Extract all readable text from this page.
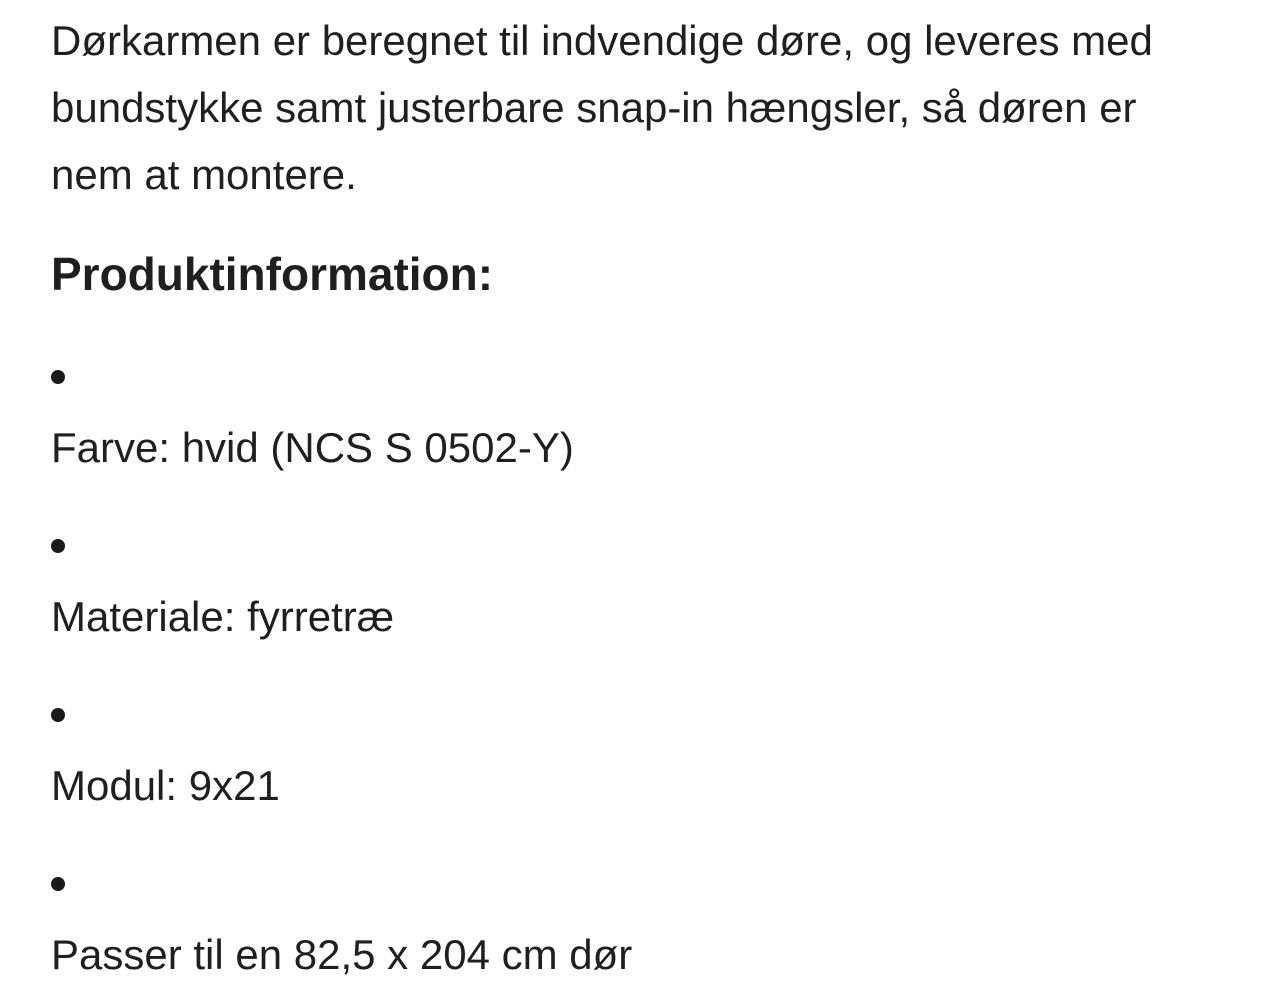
Dørkarmen er beregnet til indvendige døre, og leveres med
bundstykke samt justerbare snap-in hængsler, så døren er
nem at montere.
Produktinformation:
Farve: hvid (NCS S 0502-Y)
Materiale: fyrretræ
Modul: 9x21
Passer til en 82,5 x 204 cm dør
